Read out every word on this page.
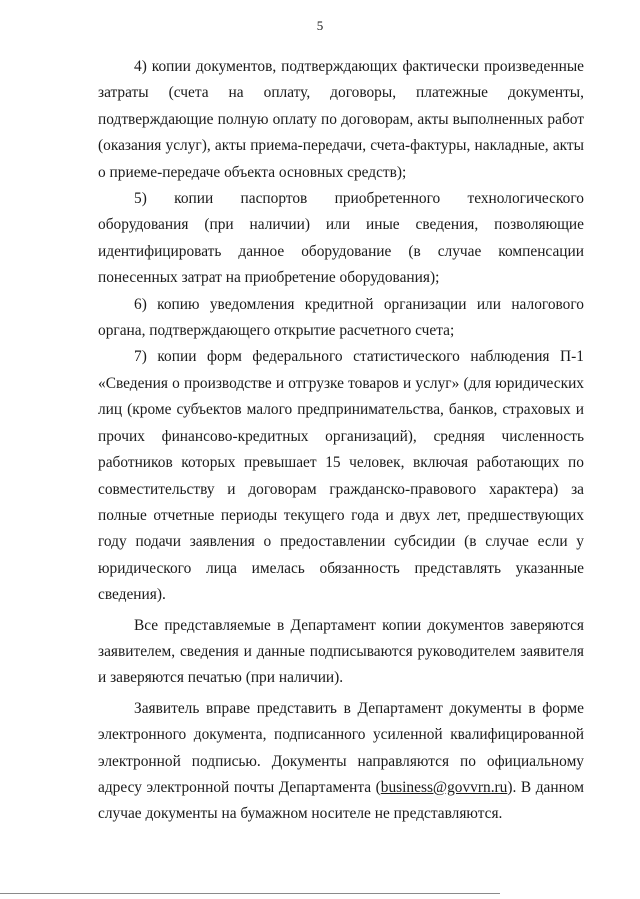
5

4) копии документов, подтверждающих фактически произведенные затраты (счета на оплату, договоры, платежные документы, подтверждающие полную оплату по договорам, акты выполненных работ (оказания услуг), акты приема-передачи, счета-фактуры, накладные, акты о приеме-передаче объекта основных средств);

5) копии паспортов приобретенного технологического оборудования (при наличии) или иные сведения, позволяющие идентифицировать данное оборудование (в случае компенсации понесенных затрат на приобретение оборудования);

6) копию уведомления кредитной организации или налогового органа, подтверждающего открытие расчетного счета;

7) копии форм федерального статистического наблюдения П-1 «Сведения о производстве и отгрузке товаров и услуг» (для юридических лиц (кроме субъектов малого предпринимательства, банков, страховых и прочих финансово-кредитных организаций), средняя численность работников которых превышает 15 человек, включая работающих по совместительству и договорам гражданско-правового характера) за полные отчетные периоды текущего года и двух лет, предшествующих году подачи заявления о предоставлении субсидии (в случае если у юридического лица имелась обязанность представлять указанные сведения).

Все представляемые в Департамент копии документов заверяются заявителем, сведения и данные подписываются руководителем заявителя и заверяются печатью (при наличии).

Заявитель вправе представить в Департамент документы в форме электронного документа, подписанного усиленной квалифицированной электронной подписью. Документы направляются по официальному адресу электронной почты Департамента (business@govvrn.ru). В данном случае документы на бумажном носителе не представляются.
